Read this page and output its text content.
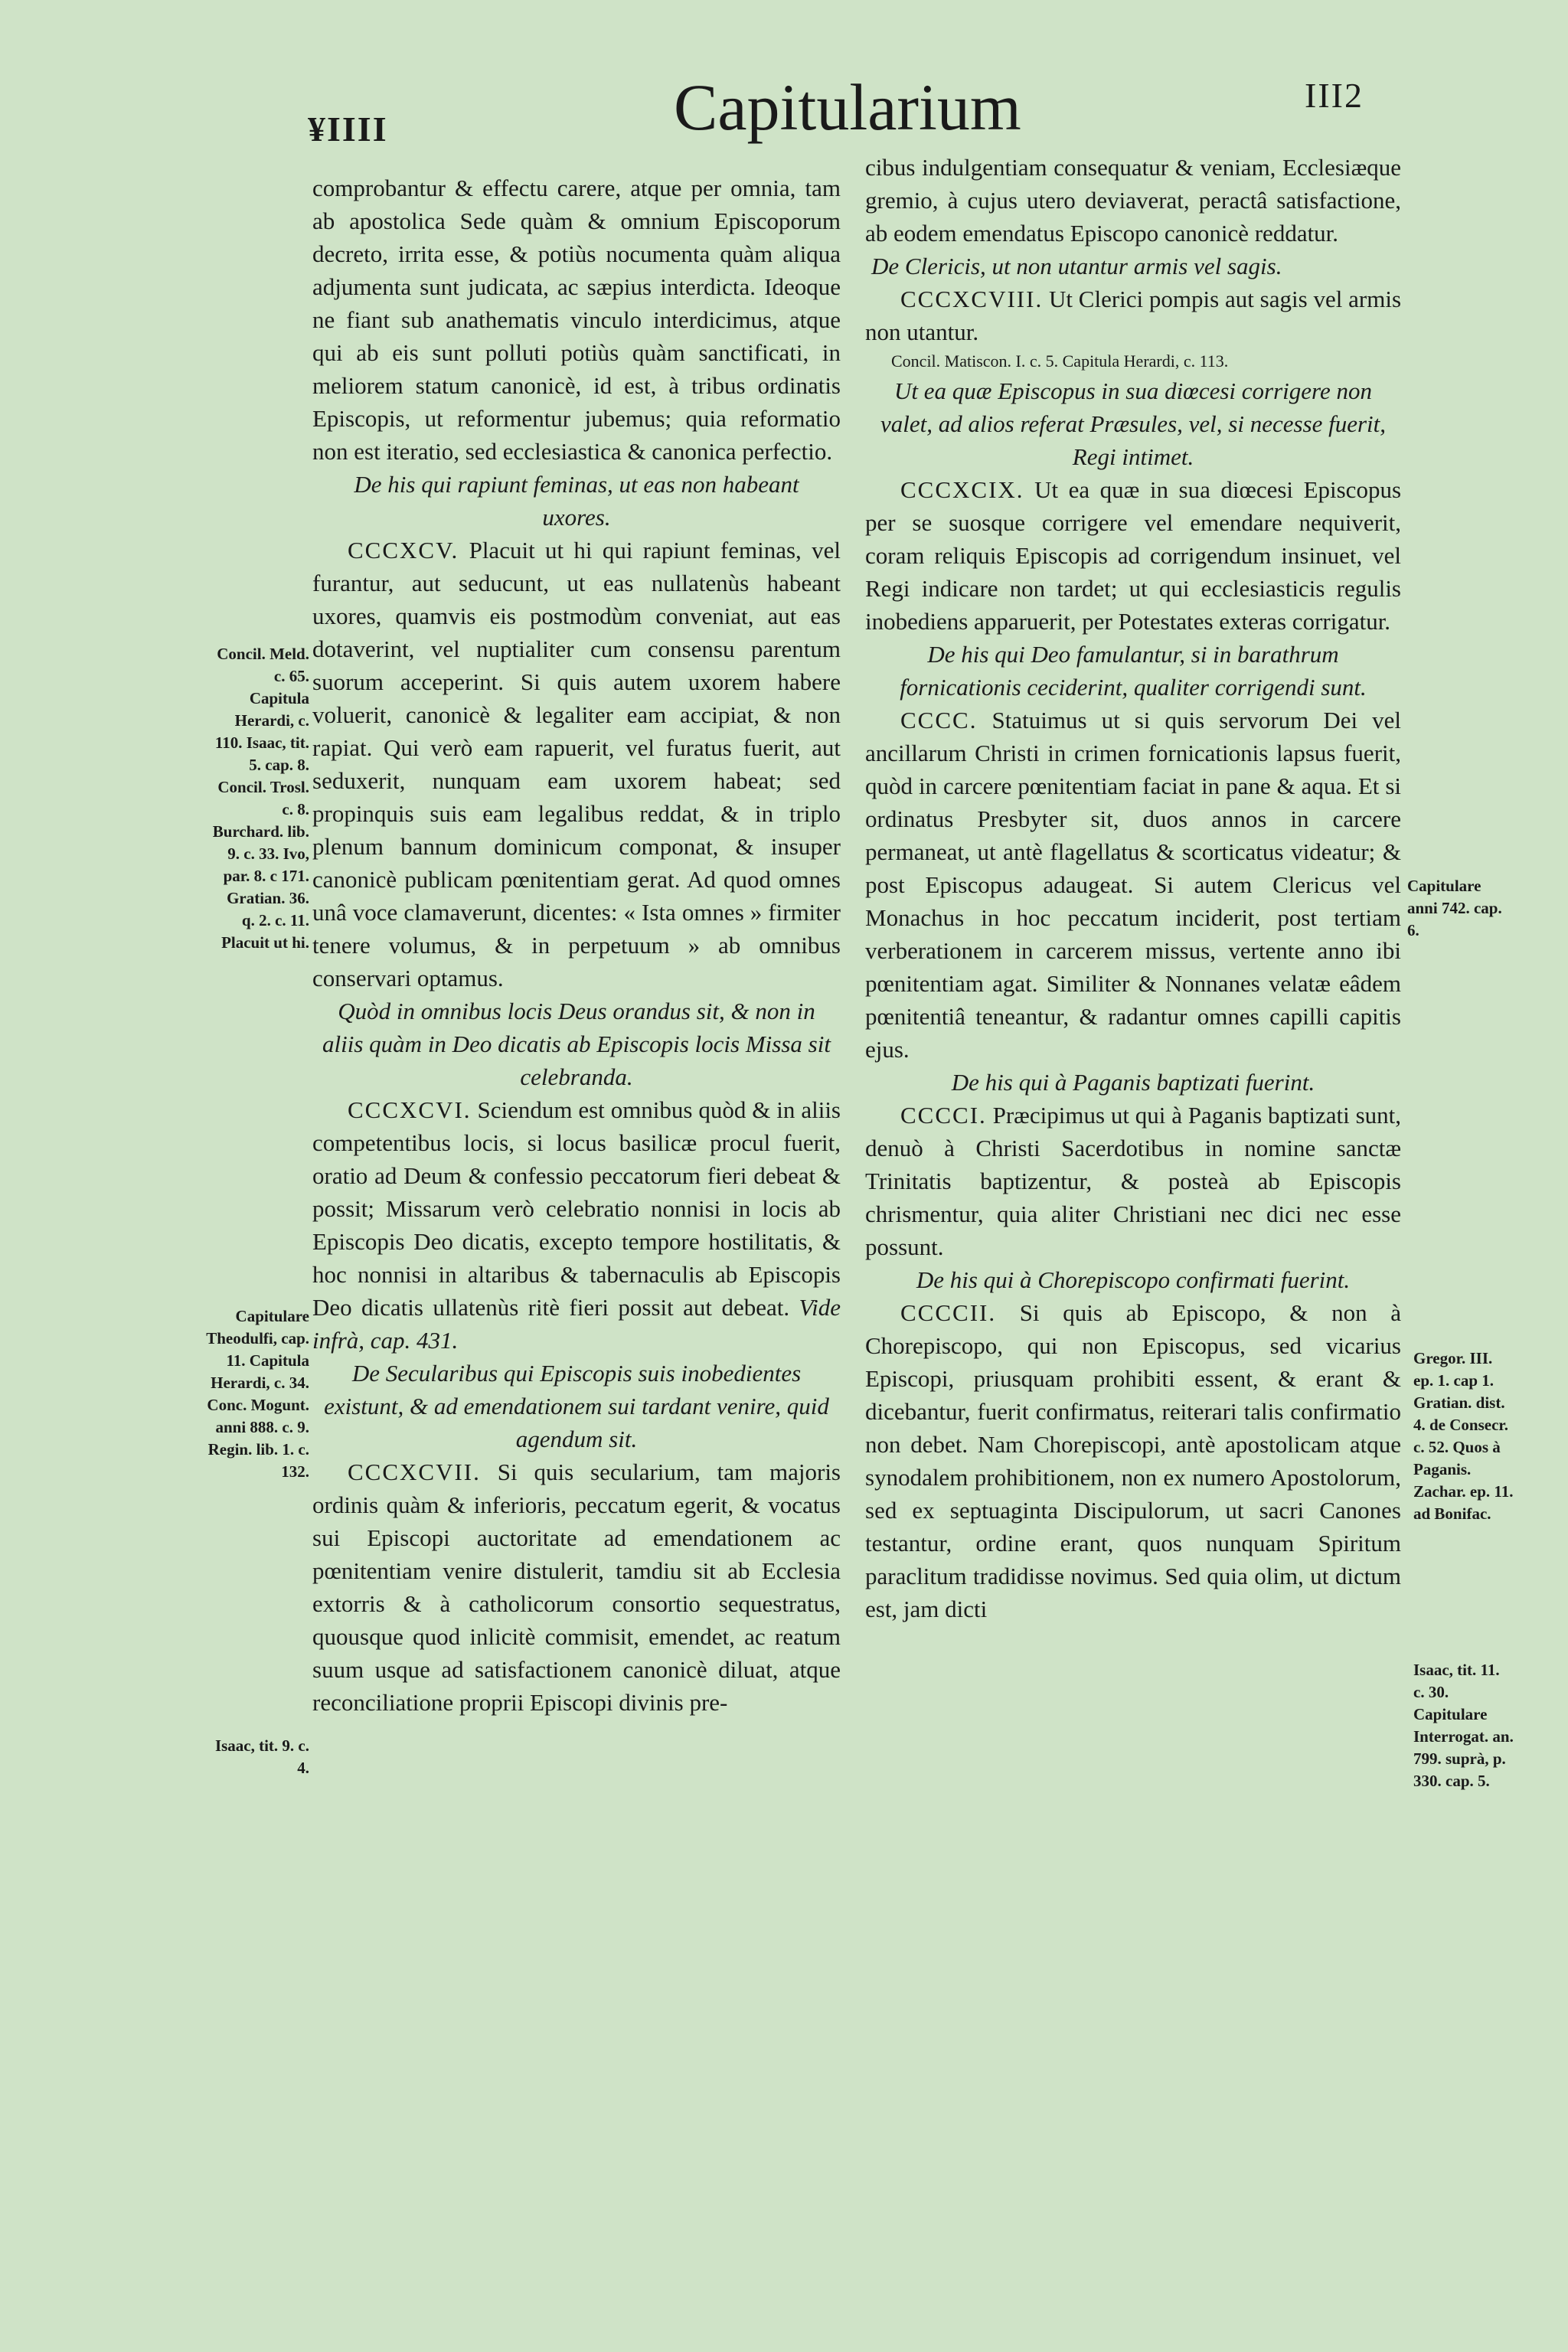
¥IIII	Capitularium	III2

comprobantur & effectu carere, atque per omnia, tam ab apostolica Sede quàm & omnium Episcoporum decreto, irrita esse, & potiùs nocumenta quàm aliqua adjumenta sunt judicata, ac sæpius interdicta. Ideoque ne fiant sub anathematis vinculo interdicimus, atque qui ab eis sunt polluti potiùs quàm sanctificati, in meliorem statum canonicè, id est, à tribus ordinatis Episcopis, ut reformentur jubemus; quia reformatio non est iteratio, sed ecclesiastica & canonica perfectio.

De his qui rapiunt feminas, ut eas non habeant uxores.

CCCXCV. Placuit ut hi qui rapiunt feminas, vel furantur, aut seducunt, ut eas nullatenùs habeant uxores, quamvis eis postmodùm conveniat, aut eas dotaverint, vel nuptialiter cum consensu parentum suorum acceperint. Si quis autem uxorem habere voluerit, canonicè & legaliter eam accipiat, & non rapiat. Qui verò eam rapuerit, vel furatus fuerit, aut seduxerit, nunquam eam uxorem habeat; sed propinquis suis eam legalibus reddat, & in triplo plenum bannum dominicum componat, & insuper canonicè publicam pœnitentiam gerat. Ad quod omnes unâ voce clamaverunt, dicentes: « Ista omnes » firmiter tenere volumus, & in perpetuum » ab omnibus conservari optamus.

Quòd in omnibus locis Deus orandus sit, & non in aliis quàm in Deo dicatis ab Episcopis locis Missa sit celebranda.

CCCXCVI. Sciendum est omnibus quòd & in aliis competentibus locis, si locus basilicæ procul fuerit, oratio ad Deum & confessio peccatorum fieri debeat & possit; Missarum verò celebratio nonnisi in locis ab Episcopis Deo dicatis, excepto tempore hostilitatis, & hoc nonnisi in altaribus & tabernaculis ab Episcopis Deo dicatis ullatenùs ritè fieri possit aut debeat. Vide infrà, cap. 431.

De Secularibus qui Episcopis suis inobedientes existunt, & ad emendationem sui tardant venire, quid agendum sit.

CCCXCVII. Si quis secularium, tam majoris ordinis quàm & inferioris, peccatum egerit, & vocatus sui Episcopi auctoritate ad emendationem ac pœnitentiam venire distulerit, tamdiu sit ab Ecclesia extorris & à catholicorum consortio sequestratus, quousque quod inlicitè commisit, emendet, ac reatum suum usque ad satisfactionem canonicè diluat, atque reconciliatione proprii Episcopi divinis pre-

cibus indulgentiam consequatur & veniam, Ecclesiæque gremio, à cujus utero deviaverat, peractâ satisfactione, ab eodem emendatus Episcopo canonicè reddatur.

De Clericis, ut non utantur armis vel sagis.

CCCXCVIII. Ut Clerici pompis aut sagis vel armis non utantur.

Concil. Matiscon. I. c. 5. Capitula Herardi, c. 113.

Ut ea quæ Episcopus in sua diœcesi corrigere non valet, ad alios referat Præsules, vel, si necesse fuerit, Regi intimet.

CCCXCIX. Ut ea quæ in sua diœcesi Episcopus per se suosque corrigere vel emendare nequiverit, coram reliquis Episcopis ad corrigendum insinuet, vel Regi indicare non tardet; ut qui ecclesiasticis regulis inobediens apparuerit, per Potestates exteras corrigatur.

De his qui Deo famulantur, si in barathrum fornicationis ceciderint, qualiter corrigendi sunt.

CCCC. Statuimus ut si quis servorum Dei vel ancillarum Christi in crimen fornicationis lapsus fuerit, quòd in carcere pœnitentiam faciat in pane & aqua. Et si ordinatus Presbyter sit, duos annos in carcere permaneat, ut antè flagellatus & scorticatus videatur; & post Episcopus adaugeat. Si autem Clericus vel Monachus in hoc peccatum inciderit, post tertiam verberationem in carcerem missus, vertente anno ibi pœnitentiam agat. Similiter & Nonnanes velatæ eâdem pœnitentiâ teneantur, & radantur omnes capilli capitis ejus.

De his qui à Paganis baptizati fuerint.

CCCCI. Præcipimus ut qui à Paganis baptizati sunt, denuò à Christi Sacerdotibus in nomine sanctæ Trinitatis baptizentur, & posteà ab Episcopis chrismentur, quia aliter Christiani nec dici nec esse possunt.

De his qui à Chorepiscopo confirmati fuerint.

CCCCII. Si quis ab Episcopo, & non à Chorepiscopo, qui non Episcopus, sed vicarius Episcopi, priusquam prohibiti essent, & erant & dicebantur, fuerit confirmatus, reiterari talis confirmatio non debet. Nam Chorepiscopi, antè apostolicam atque synodalem prohibitionem, non ex numero Apostolorum, sed ex septuaginta Discipulorum, ut sacri Canones testantur, ordine erant, quos nunquam Spiritum paraclitum tradidisse novimus. Sed quia olim, ut dictum est, jam dicti

Concil. Meld. c. 65. Capitula Herardi, c. 110. Isaac, tit. 5. cap. 8. Concil. Trosl. c. 8. Burchard. lib. 9. c. 33. Ivo, par. 8. c 171. Gratian. 36. q. 2. c. 11. Placuit ut hi.
Capitulare Theodulfi, cap. 11. Capitula Herardi, c. 34. Conc. Mogunt. anni 888. c. 9. Regin. lib. 1. c. 132.
Isaac, tit. 9. c. 4.
Capitulare anni 742. cap. 6.
Gregor. III. ep. 1. cap 1. Gratian. dist. 4. de Consecr. c. 52. Quos à Paganis. Zachar. ep. 11. ad Bonifac.
Isaac, tit. 11. c. 30. Capitulare Interrogat. an. 799. suprà, p. 330. cap. 5.
